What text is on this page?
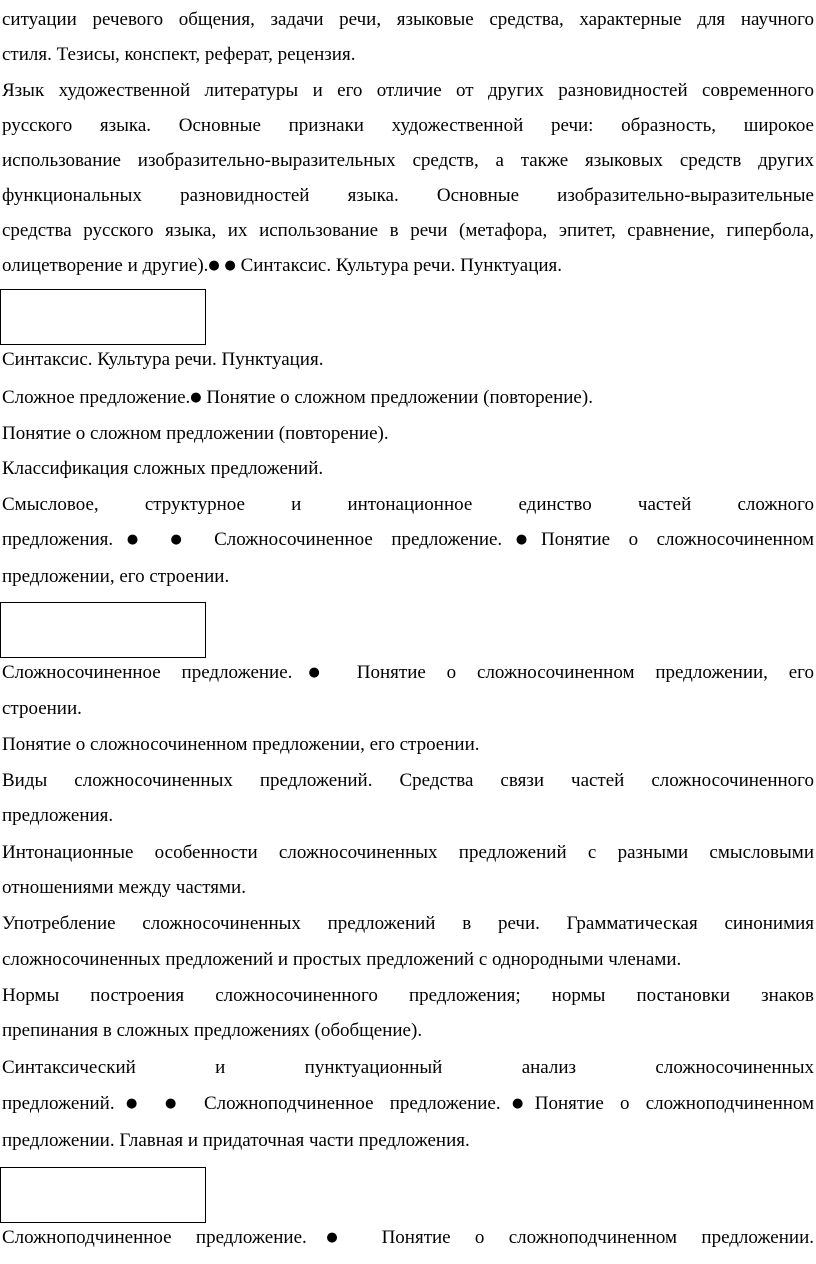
ситуации речевого общения, задачи речи, языковые средства, характерные для научного
стиля. Тезисы, конспект, реферат, рецензия.
Язык художественной литературы и его отличие от других разновидностей современного
русского языка. Основные признаки художественной речи: образность, широкое
использование изобразительно-выразительных средств, а также языковых средств других
функциональных разновидностей языка. Основные изобразительно-выразительные
средства русского языка, их использование в речи (метафора, эпитет, сравнение, гипербола,
олицетворение и другие).● ● Синтаксис. Культура речи. Пунктуация.
Синтаксис. Культура речи. Пунктуация.
Сложное предложение.● Понятие о сложном предложении (повторение).
Понятие о сложном предложении (повторение).
Классификация сложных предложений.
Смысловое, структурное и интонационное единство частей сложного
предложения.● ● Сложносочиненное предложение.●Понятие о сложносочиненном
предложении, его строении.
Сложносочиненное предложение.● Понятие о сложносочиненном предложении, его
строении.
Понятие о сложносочиненном предложении, его строении.
Виды сложносочиненных предложений. Средства связи частей сложносочиненного
предложения.
Интонационные особенности сложносочиненных предложений с разными смысловыми
отношениями между частями.
Употребление сложносочиненных предложений в речи. Грамматическая синонимия
сложносочиненных предложений и простых предложений с однородными членами.
Нормы построения сложносочиненного предложения; нормы постановки знаков
препинания в сложных предложениях (обобщение).
Синтаксический и пунктуационный анализ сложносочиненных
предложений.● ● Сложноподчиненное предложение.●Понятие о сложноподчиненном
предложении. Главная и придаточная части предложения.
Сложноподчиненное предложение.● Понятие о сложноподчиненном предложении.
